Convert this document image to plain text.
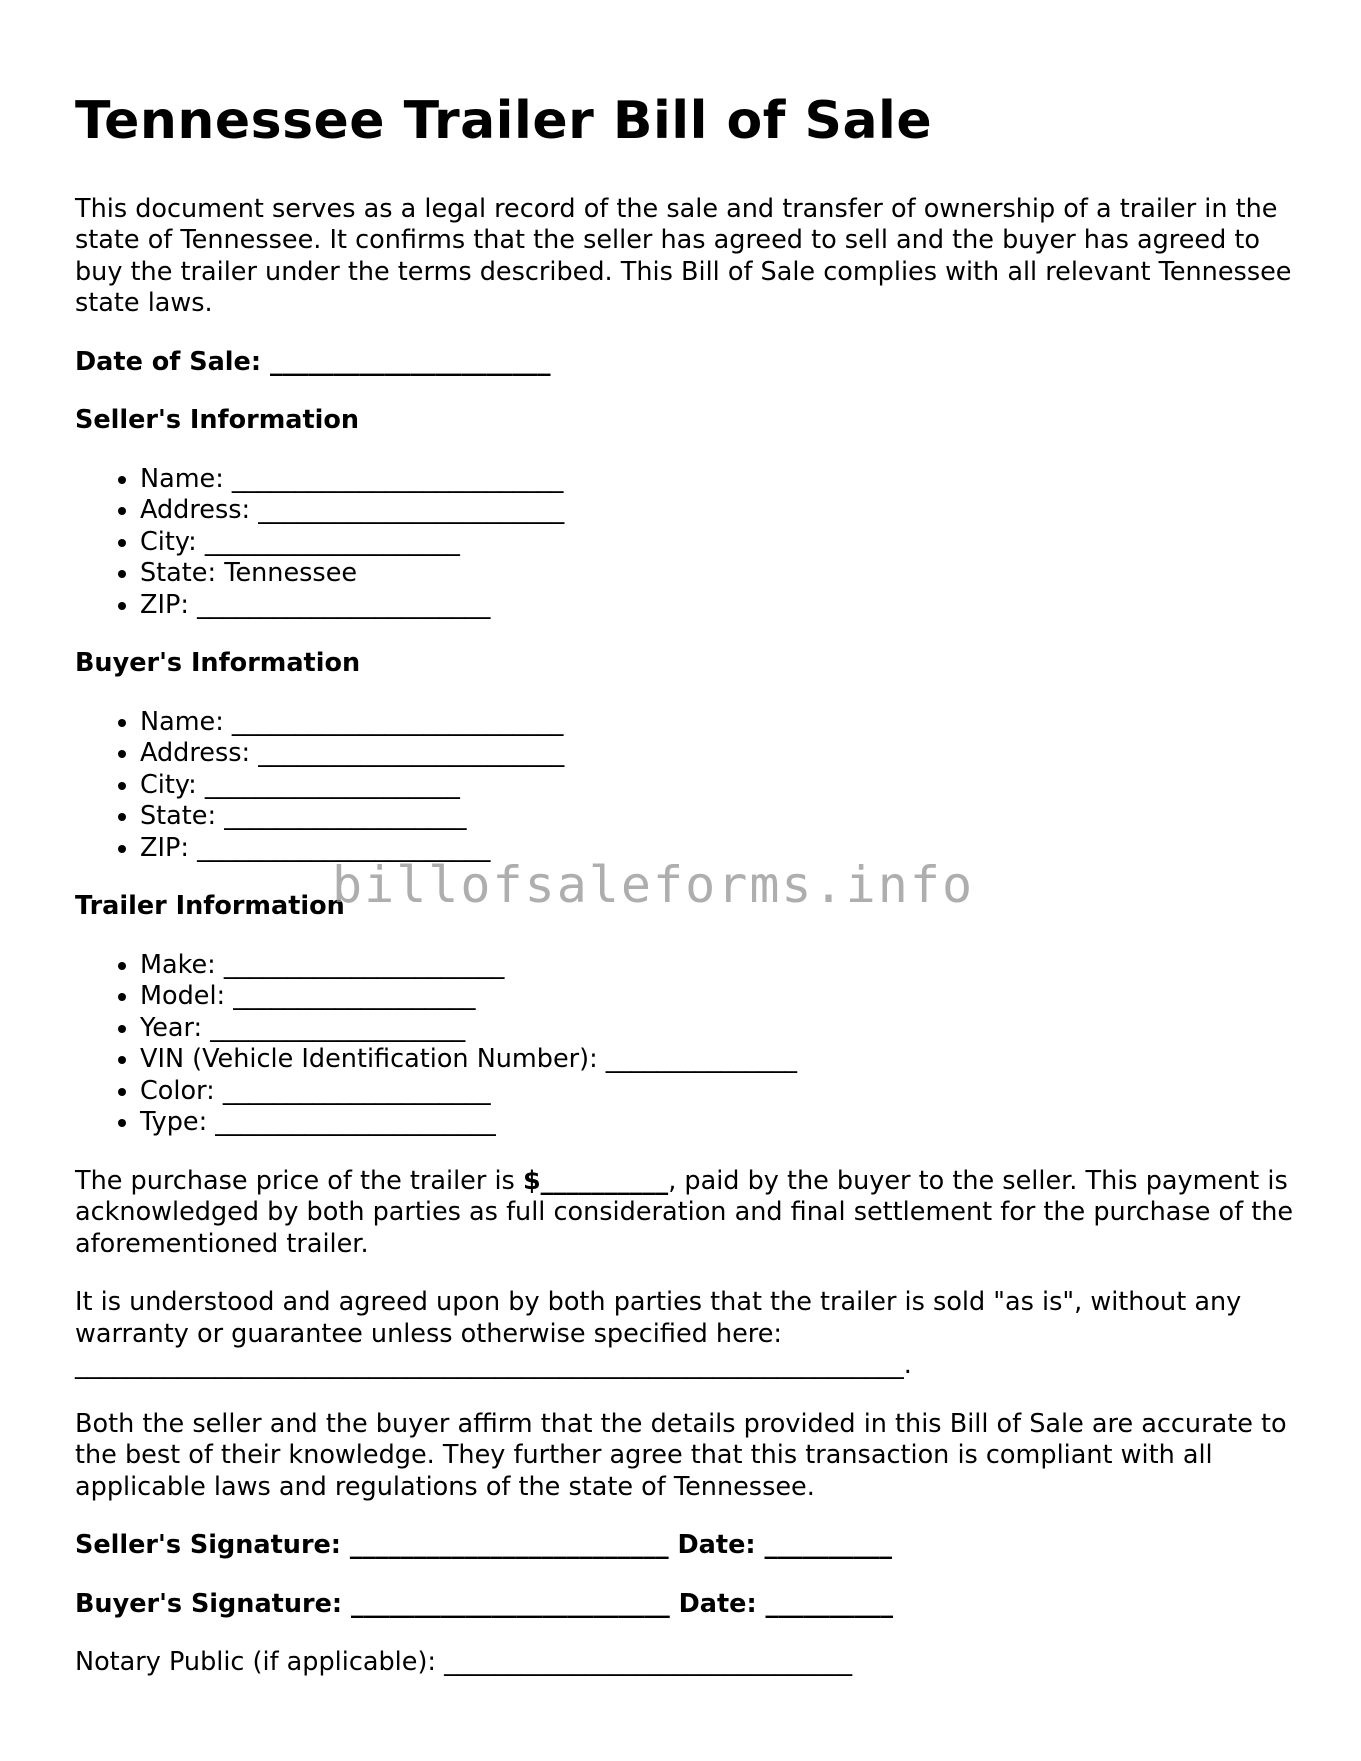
Tennessee Trailer Bill of Sale

This document serves as a legal record of the sale and transfer of ownership of a trailer in the state of Tennessee. It confirms that the seller has agreed to sell and the buyer has agreed to buy the trailer under the terms described. This Bill of Sale complies with all relevant Tennessee state laws.

Date of Sale: ______________________

Seller's Information
• Name: __________________________
• Address: ________________________
• City: ____________________
• State: Tennessee
• ZIP: _______________________
Buyer's Information
• Name: __________________________
• Address: ________________________
• City: ____________________
• State: ___________________
• ZIP: _______________________
Trailer Information
• Make: ______________________
• Model: ___________________
• Year: ____________________
• VIN (Vehicle Identification Number): _______________
• Color: _____________________
• Type: ______________________

The purchase price of the trailer is $__________, paid by the buyer to the seller. This payment is acknowledged by both parties as full consideration and final settlement for the purchase of the aforementioned trailer.

It is understood and agreed upon by both parties that the trailer is sold "as is", without any warranty or guarantee unless otherwise specified here: _________________________________________________________________.

Both the seller and the buyer affirm that the details provided in this Bill of Sale are accurate to the best of their knowledge. They further agree that this transaction is compliant with all applicable laws and regulations of the state of Tennessee.

Seller's Signature: _________________________ Date: __________

Buyer's Signature: _________________________ Date: __________

Notary Public (if applicable): ________________________________

billofsaleforms.info
